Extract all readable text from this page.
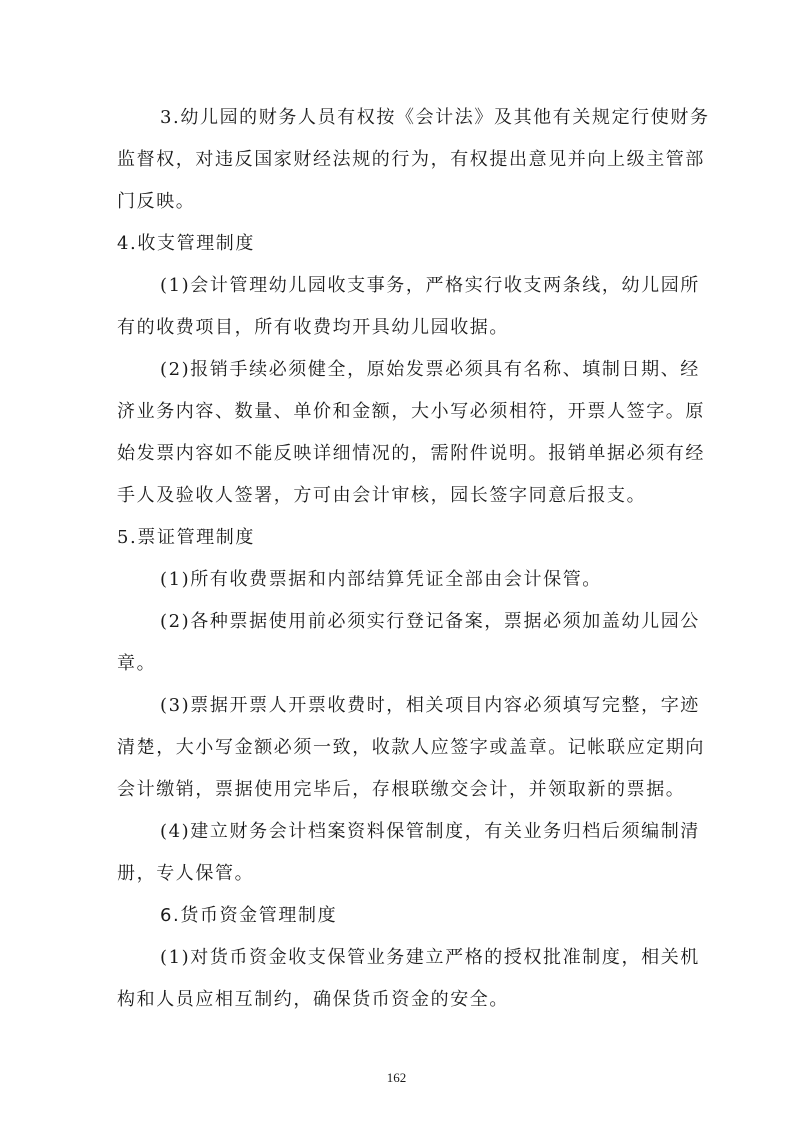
3.幼儿园的财务人员有权按《会计法》及其他有关规定行使财务
监督权，对违反国家财经法规的行为，有权提出意见并向上级主管部
门反映。
4.收支管理制度
(1)会计管理幼儿园收支事务，严格实行收支两条线，幼儿园所
有的收费项目，所有收费均开具幼儿园收据。
(2)报销手续必须健全，原始发票必须具有名称、填制日期、经
济业务内容、数量、单价和金额，大小写必须相符，开票人签字。原
始发票内容如不能反映详细情况的，需附件说明。报销单据必须有经
手人及验收人签署，方可由会计审核，园长签字同意后报支。
5.票证管理制度
(1)所有收费票据和内部结算凭证全部由会计保管。
(2)各种票据使用前必须实行登记备案，票据必须加盖幼儿园公
章。
(3)票据开票人开票收费时，相关项目内容必须填写完整，字迹
清楚，大小写金额必须一致，收款人应签字或盖章。记帐联应定期向
会计缴销，票据使用完毕后，存根联缴交会计，并领取新的票据。
(4)建立财务会计档案资料保管制度，有关业务归档后须编制清
册，专人保管。
6.货币资金管理制度
(1)对货币资金收支保管业务建立严格的授权批准制度，相关机
构和人员应相互制约，确保货币资金的安全。
162
